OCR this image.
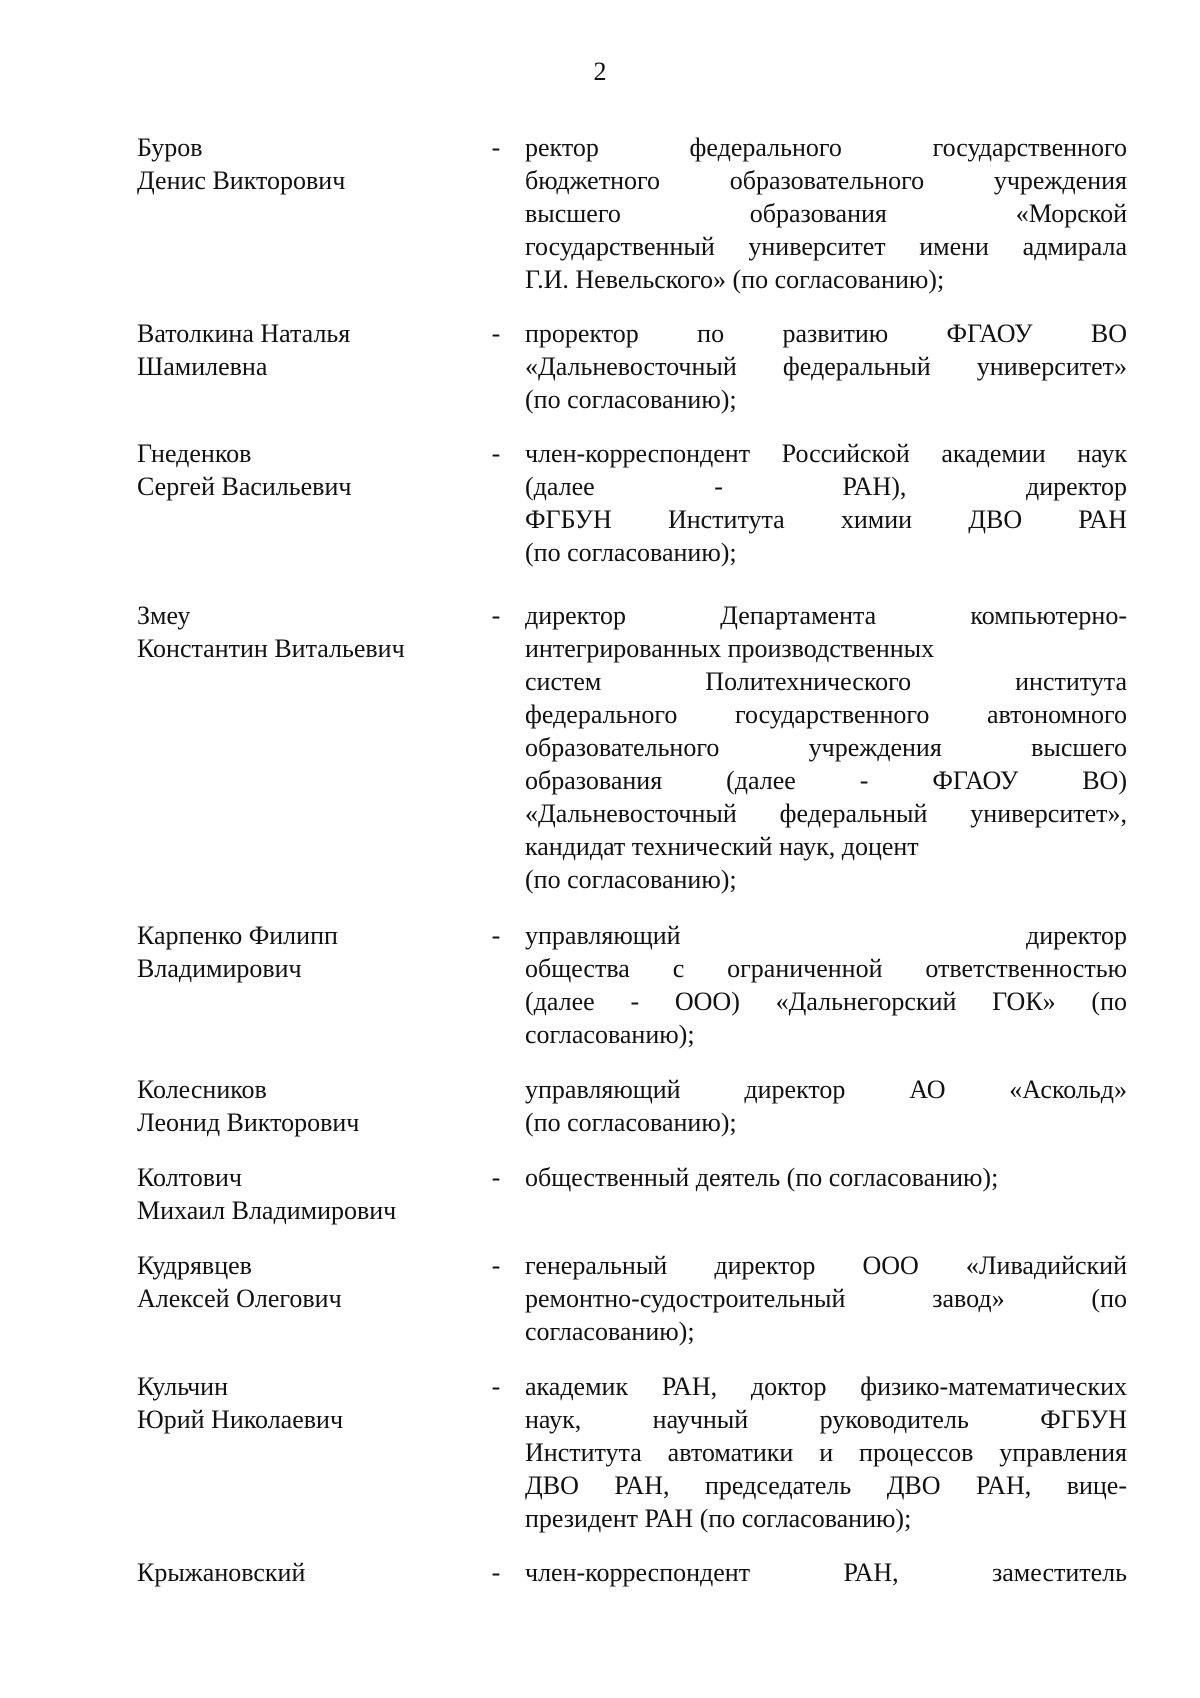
2
Буров
Денис Викторович
- ректор федерального государственного
бюджетного образовательного учреждения
высшего образования «Морской
государственный университет имени адмирала
Г.И. Невельского» (по согласованию);
Ватолкина Наталья
Шамилевна
- проректор по развитию ФГАОУ ВО
«Дальневосточный федеральный университет»
(по согласованию);
Гнеденков
Сергей Васильевич
- член-корреспондент Российской академии наук
(далее - РАН), директор
ФГБУН Института химии ДВО РАН
(по согласованию);
Змеу
Константин Витальевич
- директор Департамента компьютерно-
интегрированных производственных
систем Политехнического института
федерального государственного автономного
образовательного учреждения высшего
образования (далее - ФГАОУ ВО)
«Дальневосточный федеральный университет»,
кандидат технический наук, доцент
(по согласованию);
Карпенко Филипп
Владимирович
- управляющий директор
общества с ограниченной ответственностью
(далее - ООО) «Дальнегорский ГОК» (по
согласованию);
Колесников
Леонид Викторович
управляющий директор АО «Аскольд»
(по согласованию);
Колтович
Михаил Владимирович
- общественный деятель (по согласованию);
Кудрявцев
Алексей Олегович
- генеральный директор ООО «Ливадийский
ремонтно-судостроительный завод» (по
согласованию);
Кульчин
Юрий Николаевич
- академик РАН, доктор физико-математических
наук, научный руководитель ФГБУН
Института автоматики и процессов управления
ДВО РАН, председатель ДВО РАН, вице-
президент РАН (по согласованию);
Крыжановский	- член-корреспондент РАН, заместитель
